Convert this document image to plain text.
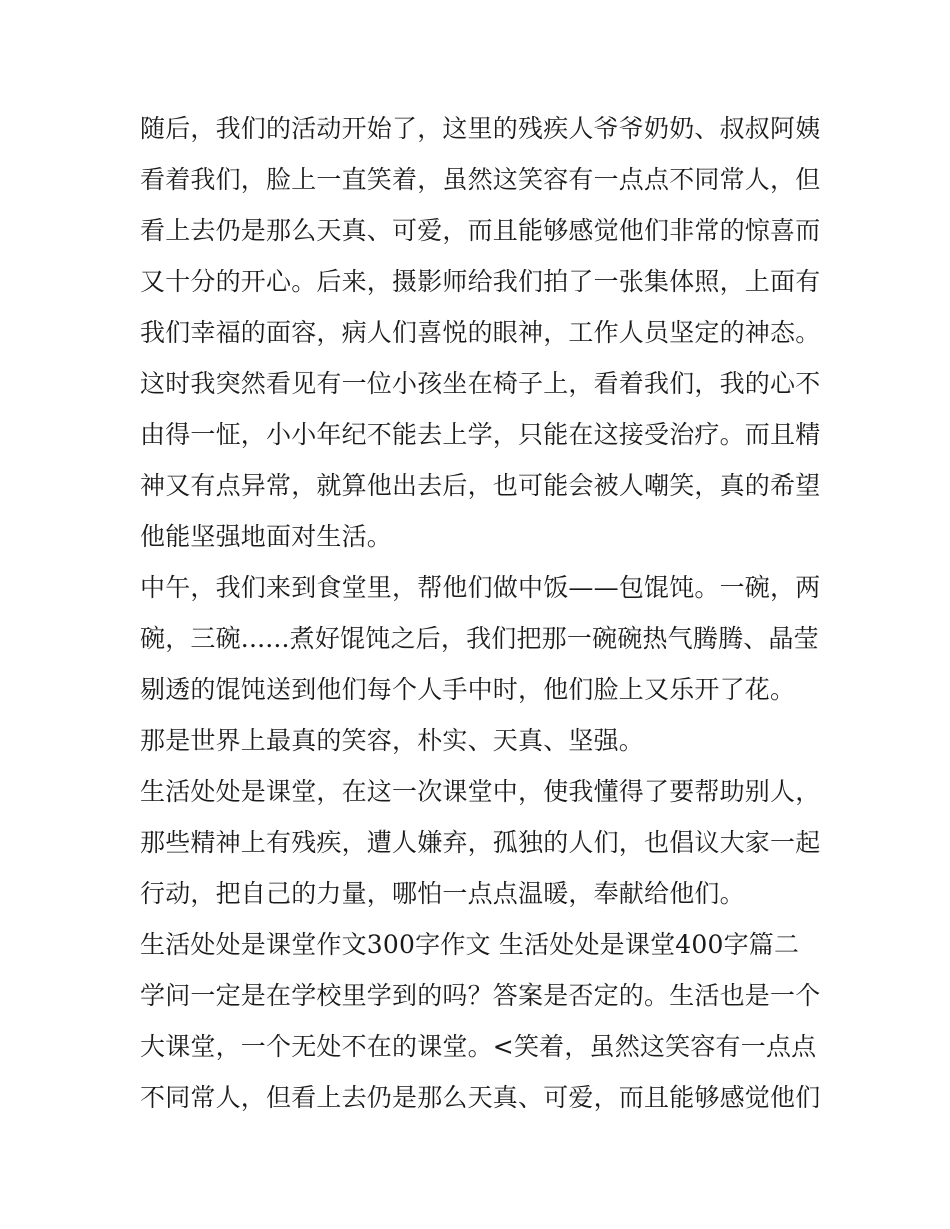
随后，我们的活动开始了，这里的残疾人爷爷奶奶、叔叔阿姨
看着我们，脸上一直笑着，虽然这笑容有一点点不同常人，但
看上去仍是那么天真、可爱，而且能够感觉他们非常的惊喜而
又十分的开心。后来，摄影师给我们拍了一张集体照，上面有
我们幸福的面容，病人们喜悦的眼神，工作人员坚定的神态。
这时我突然看见有一位小孩坐在椅子上，看着我们，我的心不
由得一怔，小小年纪不能去上学，只能在这接受治疗。而且精
神又有点异常，就算他出去后，也可能会被人嘲笑，真的希望
他能坚强地面对生活。
中午，我们来到食堂里，帮他们做中饭——包馄饨。一碗，两
碗，三碗......煮好馄饨之后，我们把那一碗碗热气腾腾、晶莹
剔透的馄饨送到他们每个人手中时，他们脸上又乐开了花。
那是世界上最真的笑容，朴实、天真、坚强。
生活处处是课堂，在这一次课堂中，使我懂得了要帮助别人，
那些精神上有残疾，遭人嫌弃，孤独的人们，也倡议大家一起
行动，把自己的力量，哪怕一点点温暖，奉献给他们。
生活处处是课堂作文300字作文 生活处处是课堂400字篇二
学问一定是在学校里学到的吗？答案是否定的。生活也是一个
大课堂，一个无处不在的课堂。<笑着，虽然这笑容有一点点
不同常人，但看上去仍是那么天真、可爱，而且能够感觉他们
